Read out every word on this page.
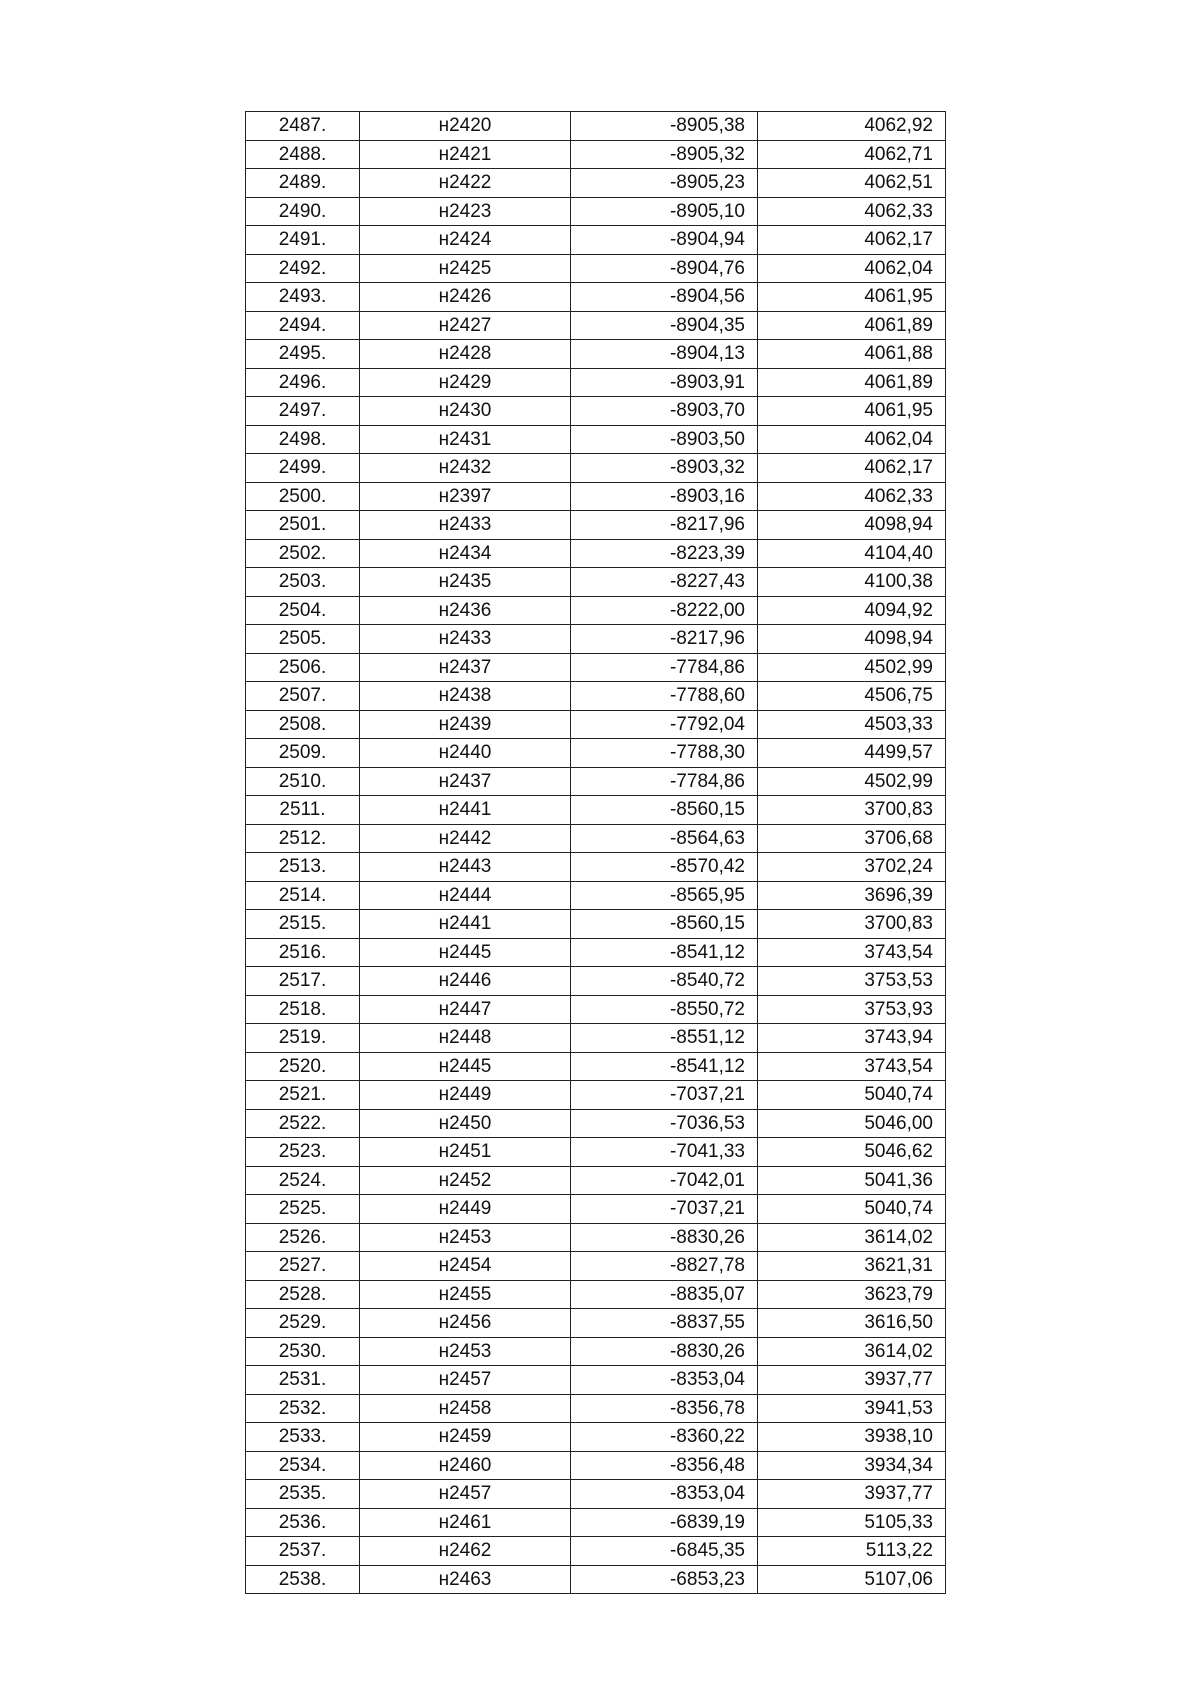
2487.	н2420	-8905,38	4062,92
2488.	н2421	-8905,32	4062,71
2489.	н2422	-8905,23	4062,51
2490.	н2423	-8905,10	4062,33
2491.	н2424	-8904,94	4062,17
2492.	н2425	-8904,76	4062,04
2493.	н2426	-8904,56	4061,95
2494.	н2427	-8904,35	4061,89
2495.	н2428	-8904,13	4061,88
2496.	н2429	-8903,91	4061,89
2497.	н2430	-8903,70	4061,95
2498.	н2431	-8903,50	4062,04
2499.	н2432	-8903,32	4062,17
2500.	н2397	-8903,16	4062,33
2501.	н2433	-8217,96	4098,94
2502.	н2434	-8223,39	4104,40
2503.	н2435	-8227,43	4100,38
2504.	н2436	-8222,00	4094,92
2505.	н2433	-8217,96	4098,94
2506.	н2437	-7784,86	4502,99
2507.	н2438	-7788,60	4506,75
2508.	н2439	-7792,04	4503,33
2509.	н2440	-7788,30	4499,57
2510.	н2437	-7784,86	4502,99
2511.	н2441	-8560,15	3700,83
2512.	н2442	-8564,63	3706,68
2513.	н2443	-8570,42	3702,24
2514.	н2444	-8565,95	3696,39
2515.	н2441	-8560,15	3700,83
2516.	н2445	-8541,12	3743,54
2517.	н2446	-8540,72	3753,53
2518.	н2447	-8550,72	3753,93
2519.	н2448	-8551,12	3743,94
2520.	н2445	-8541,12	3743,54
2521.	н2449	-7037,21	5040,74
2522.	н2450	-7036,53	5046,00
2523.	н2451	-7041,33	5046,62
2524.	н2452	-7042,01	5041,36
2525.	н2449	-7037,21	5040,74
2526.	н2453	-8830,26	3614,02
2527.	н2454	-8827,78	3621,31
2528.	н2455	-8835,07	3623,79
2529.	н2456	-8837,55	3616,50
2530.	н2453	-8830,26	3614,02
2531.	н2457	-8353,04	3937,77
2532.	н2458	-8356,78	3941,53
2533.	н2459	-8360,22	3938,10
2534.	н2460	-8356,48	3934,34
2535.	н2457	-8353,04	3937,77
2536.	н2461	-6839,19	5105,33
2537.	н2462	-6845,35	5113,22
2538.	н2463	-6853,23	5107,06
